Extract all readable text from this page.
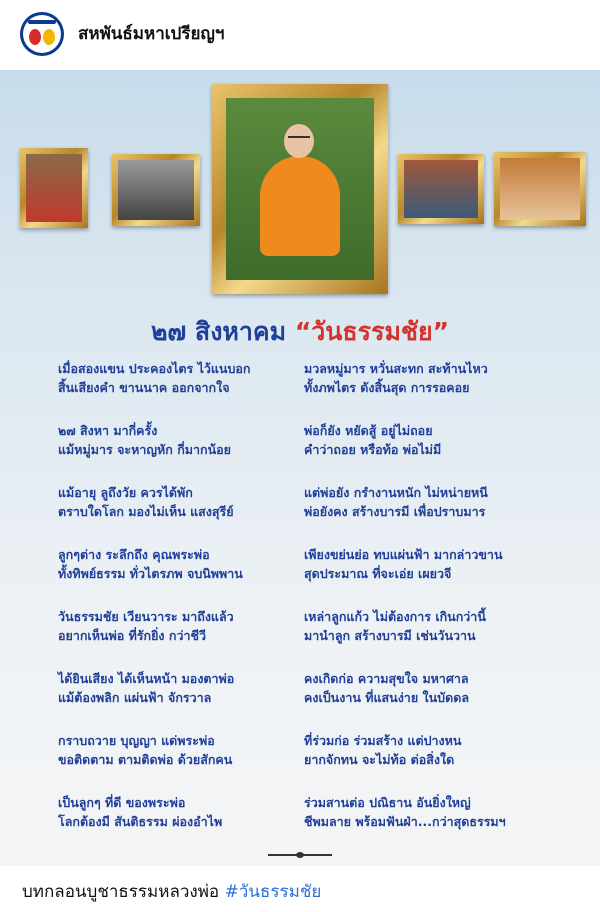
สหพันธ์มหาเปรียญฯ
๒๗ สิงหาคม “วันธรรมชัย”
เมื่อสองแขน ประคองไตร ไว้แนบอก	มวลหมู่มาร หวั่นสะทก สะท้านไหว
สิ้นเสียงคำ ขานนาค ออกจากใจ	ทั้งภพไตร ดังสิ้นสุด การรอคอย
๒๗ สิงหา มากี่ครั้ง	พ่อก็ยัง หยัดสู้ อยู่ไม่ถอย
แม้หมู่มาร จะหาญหัก กี่มากน้อย	คำว่าถอย หรือท้อ พ่อไม่มี
แม้อายุ ลูถึงวัย ควรได้พัก	แต่พ่อยัง กรำงานหนัก ไม่หน่ายหนี
ตราบใดโลก มองไม่เห็น แสงสุรีย์	พ่อยังคง สร้างบารมี เพื่อปราบมาร
ลูกๆต่าง ระลึกถึง คุณพระพ่อ	เพียงขย่นย่อ ทบแผ่นฟ้า มากล่าวขาน
ทั้งทิพย์ธรรม ทั่วไตรภพ จบนิพพาน	สุดประมาณ ที่จะเอ่ย เผยวจี
วันธรรมชัย เวียนวาระ มาถึงแล้ว	เหล่าลูกแก้ว ไม่ต้องการ เกินกว่านี้
อยากเห็นพ่อ ที่รักยิ่ง กว่าชีวี	มานำลูก สร้างบารมี เช่นวันวาน
ได้ยินเสียง ได้เห็นหน้า มองตาพ่อ	คงเกิดก่อ ความสุขใจ มหาศาล
แม้ต้องพลิก แผ่นฟ้า จักรวาล	คงเป็นงาน ที่แสนง่าย ในบัดดล
กราบถวาย บุญญา แด่พระพ่อ	ที่ร่วมก่อ ร่วมสร้าง แต่ปางหน
ขอติดตาม ตามติดพ่อ ด้วยสักคน	ยากจักทน จะไม่ท้อ ต่อสิ่งใด
เป็นลูกๆ ที่ดี ของพระพ่อ	ร่วมสานต่อ ปณิธาน อันยิ่งใหญ่
โลกต้องมี สันติธรรม ผ่องอำไพ	ชีพมลาย พร้อมฟันฝ่า...กว่าสุดธรรมฯ
บทกลอนบูชาธรรมหลวงพ่อ #วันธรรมชัย
